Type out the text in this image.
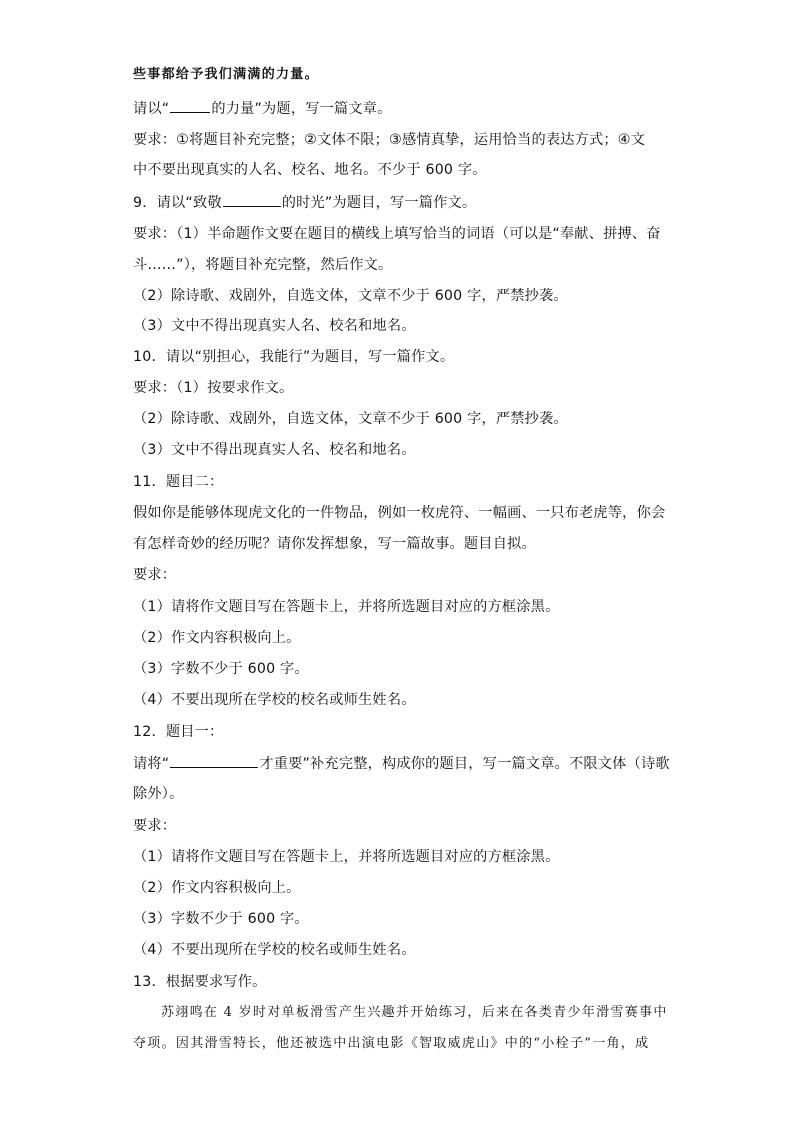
些事都给予我们满满的力量。
请以“	的力量”为题，写一篇文章。
要求：①将题目补充完整；②文体不限；③感情真挚，运用恰当的表达方式；④文
中不要出现真实的人名、校名、地名。不少于 600 字。
9．请以“致敬	的时光”为题目，写一篇作文。
要求：（1）半命题作文要在题目的横线上填写恰当的词语（可以是“奉献、拼搏、奋
斗……”），将题目补充完整，然后作文。
（2）除诗歌、戏剧外，自选文体，文章不少于 600 字，严禁抄袭。
（3）文中不得出现真实人名、校名和地名。
10．请以“别担心，我能行”为题目，写一篇作文。
要求：（1）按要求作文。
（2）除诗歌、戏剧外，自选文体，文章不少于 600 字，严禁抄袭。
（3）文中不得出现真实人名、校名和地名。
11．题目二：
假如你是能够体现虎文化的一件物品，例如一枚虎符、一幅画、一只布老虎等，你会
有怎样奇妙的经历呢？请你发挥想象，写一篇故事。题目自拟。
要求：
（1）请将作文题目写在答题卡上，并将所选题目对应的方框涂黑。
（2）作文内容积极向上。
（3）字数不少于 600 字。
（4）不要出现所在学校的校名或师生姓名。
12．题目一：
请将“	才重要”补充完整，构成你的题目，写一篇文章。不限文体（诗歌
除外）。
要求：
（1）请将作文题目写在答题卡上，并将所选题目对应的方框涂黑。
（2）作文内容积极向上。
（3）字数不少于 600 字。
（4）不要出现所在学校的校名或师生姓名。
13．根据要求写作。
苏翊鸣在 4 岁时对单板滑雪产生兴趣并开始练习，后来在各类青少年滑雪赛事中
夺项。因其滑雪特长，他还被选中出演电影《智取威虎山》中的“小栓子”一角，成
